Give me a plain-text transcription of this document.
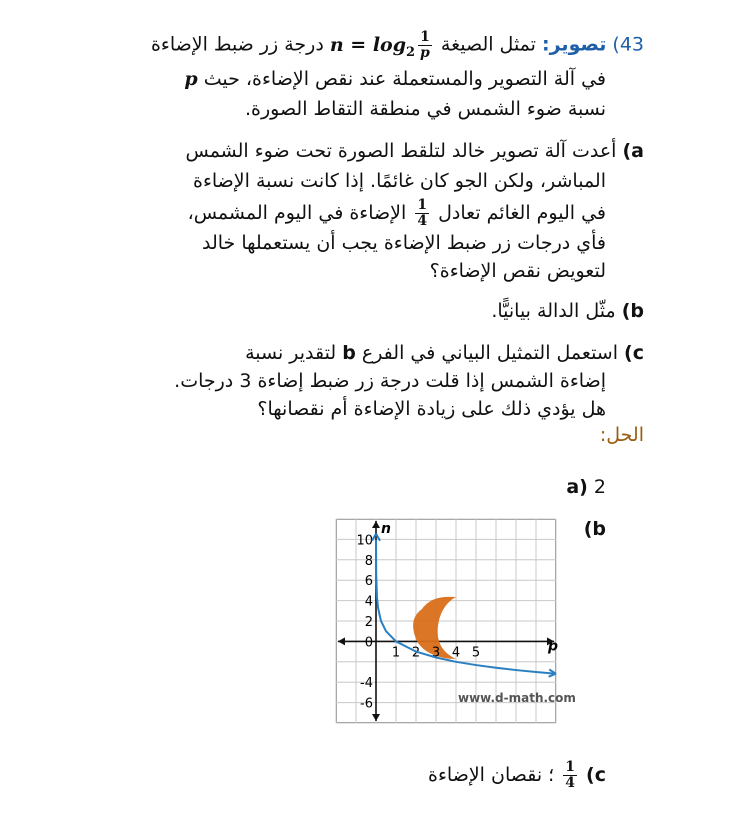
43) تصوير: تمثل الصيغة $n = \log_2 \frac{1}{p}$
درجة زر ضبط الإضاءة
في آلة التصوير والمستعملة عند نقص الإضاءة، حيث p
نسبة ضوء الشمس في منطقة التقاط الصورة.
a) أعدت آلة تصوير خالد لتلقط الصورة تحت ضوء الشمس
المباشر، ولكن الجو كان غائمًا. إذا كانت نسبة الإضاءة
في اليوم الغائم تعادل
$\frac{1}{4}$
الإضاءة في اليوم المشمس،
فأي درجات زر ضبط الإضاءة يجب أن يستعملها خالد
لتعويض نقص الإضاءة؟
b) مثّل الدالة بيانيًّا.
c) استعمل التمثيل البياني في الفرع b لتقدير نسبة
إضاءة الشمس إذا قلت درجة زر ضبط إضاءة 3 درجات.
هل يؤدي ذلك على زيادة الإضاءة أم نقصانها؟
الحل:
a) 2
b)
p
n
1 2 3 4 5
10
8
6
4
2
0
-4
-6	www.d-math.com
c)
$\frac{1}{4}$
؛ نقصان الإضاءة
